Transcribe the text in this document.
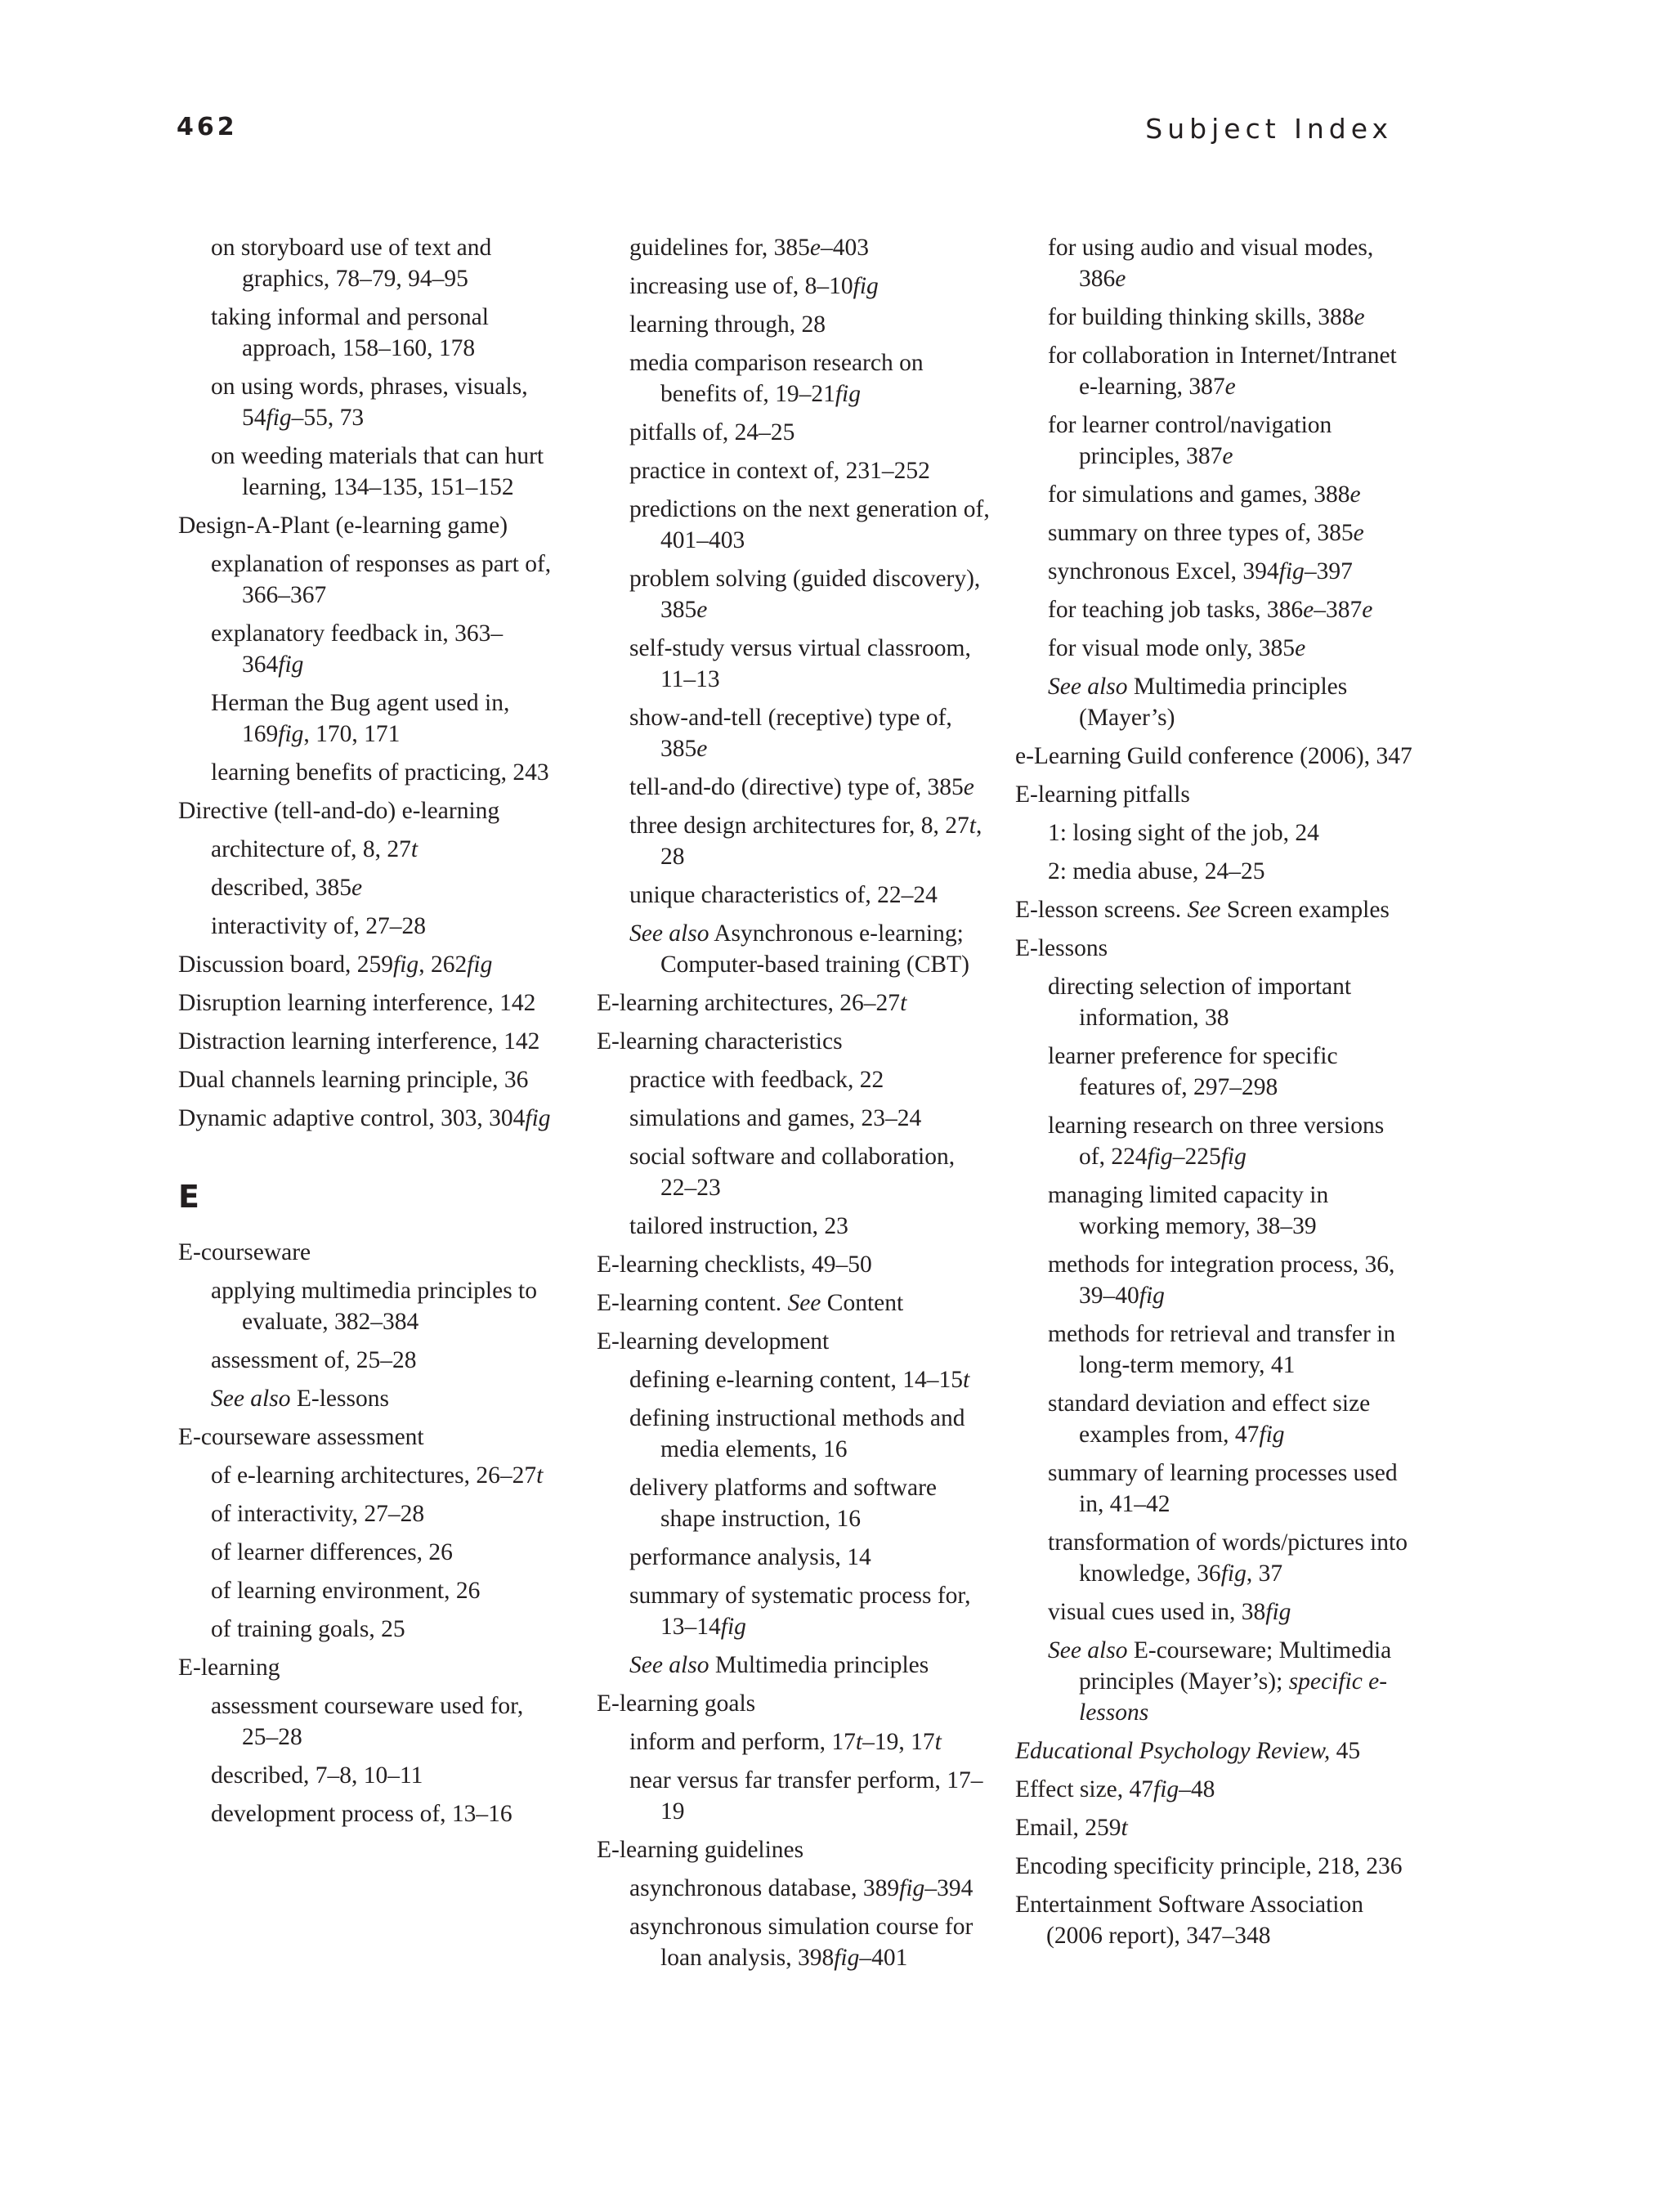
462	Subject Index
on storyboard use of text and graphics, 78–79, 94–95
taking informal and personal approach, 158–160, 178
on using words, phrases, visuals, 54fig–55, 73
on weeding materials that can hurt learning, 134–135, 151–152
Design-A-Plant (e-learning game)
explanation of responses as part of, 366–367
explanatory feedback in, 363–364fig
Herman the Bug agent used in, 169fig, 170, 171
learning benefits of practicing, 243
Directive (tell-and-do) e-learning
architecture of, 8, 27t
described, 385e
interactivity of, 27–28
Discussion board, 259fig, 262fig
Disruption learning interference, 142
Distraction learning interference, 142
Dual channels learning principle, 36
Dynamic adaptive control, 303, 304fig
E
E-courseware
applying multimedia principles to evaluate, 382–384
assessment of, 25–28
See also E-lessons
E-courseware assessment
of e-learning architectures, 26–27t
of interactivity, 27–28
of learner differences, 26
of learning environment, 26
of training goals, 25
E-learning
assessment courseware used for, 25–28
described, 7–8, 10–11
development process of, 13–16
guidelines for, 385e–403
increasing use of, 8–10fig
learning through, 28
media comparison research on benefits of, 19–21fig
pitfalls of, 24–25
practice in context of, 231–252
predictions on the next generation of, 401–403
problem solving (guided discovery), 385e
self-study versus virtual classroom, 11–13
show-and-tell (receptive) type of, 385e
tell-and-do (directive) type of, 385e
three design architectures for, 8, 27t, 28
unique characteristics of, 22–24
See also Asynchronous e-learning; Computer-based training (CBT)
E-learning architectures, 26–27t
E-learning characteristics
practice with feedback, 22
simulations and games, 23–24
social software and collaboration, 22–23
tailored instruction, 23
E-learning checklists, 49–50
E-learning content. See Content
E-learning development
defining e-learning content, 14–15t
defining instructional methods and media elements, 16
delivery platforms and software shape instruction, 16
performance analysis, 14
summary of systematic process for, 13–14fig
See also Multimedia principles
E-learning goals
inform and perform, 17t–19, 17t
near versus far transfer perform, 17–19
E-learning guidelines
asynchronous database, 389fig–394
asynchronous simulation course for loan analysis, 398fig–401
for using audio and visual modes, 386e
for building thinking skills, 388e
for collaboration in Internet/Intranet e-learning, 387e
for learner control/navigation principles, 387e
for simulations and games, 388e
summary on three types of, 385e
synchronous Excel, 394fig–397
for teaching job tasks, 386e–387e
for visual mode only, 385e
See also Multimedia principles (Mayer’s)
e-Learning Guild conference (2006), 347
E-learning pitfalls
1: losing sight of the job, 24
2: media abuse, 24–25
E-lesson screens. See Screen examples
E-lessons
directing selection of important information, 38
learner preference for specific features of, 297–298
learning research on three versions of, 224fig–225fig
managing limited capacity in working memory, 38–39
methods for integration process, 36, 39–40fig
methods for retrieval and transfer in long-term memory, 41
standard deviation and effect size examples from, 47fig
summary of learning processes used in, 41–42
transformation of words/pictures into knowledge, 36fig, 37
visual cues used in, 38fig
See also E-courseware; Multimedia principles (Mayer’s); specific e-lessons
Educational Psychology Review, 45
Effect size, 47fig–48
Email, 259t
Encoding specificity principle, 218, 236
Entertainment Software Association (2006 report), 347–348
